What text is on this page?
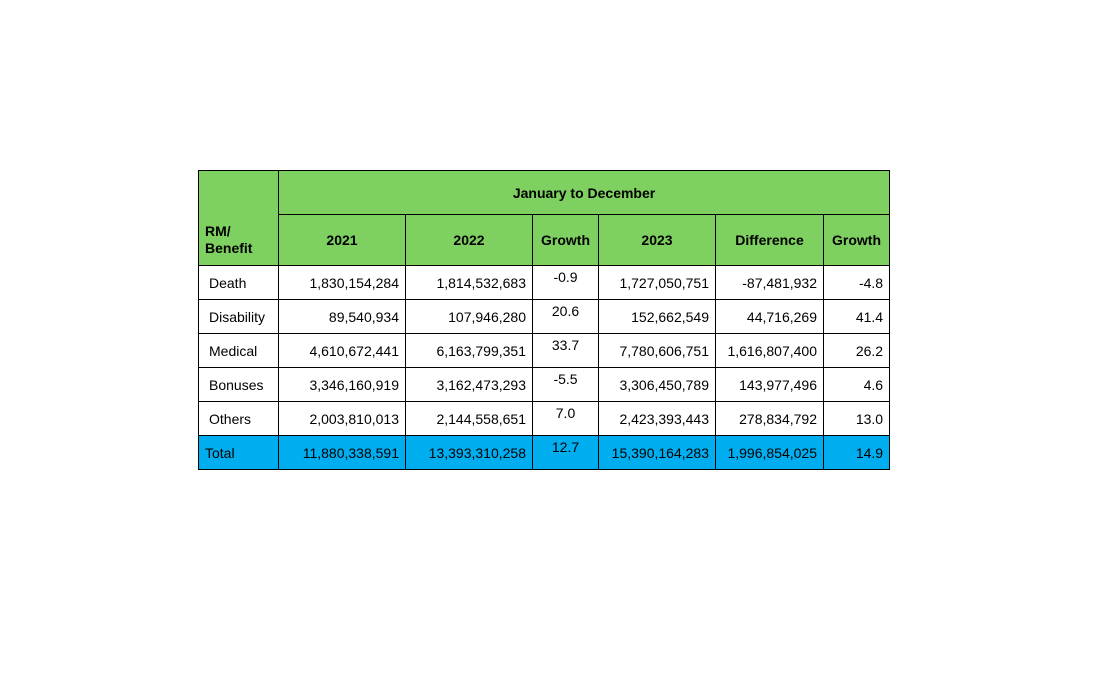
RM/
Benefit	January to December					
	2021	2022	Growth	2023	Difference	Growth
Death	1,830,154,284	1,814,532,683	-0.9	1,727,050,751	-87,481,932	-4.8
Disability	89,540,934	107,946,280	20.6	152,662,549	44,716,269	41.4
Medical	4,610,672,441	6,163,799,351	33.7	7,780,606,751	1,616,807,400	26.2
Bonuses	3,346,160,919	3,162,473,293	-5.5	3,306,450,789	143,977,496	4.6
Others	2,003,810,013	2,144,558,651	7.0	2,423,393,443	278,834,792	13.0
Total	11,880,338,591	13,393,310,258	12.7	15,390,164,283	1,996,854,025	14.9
